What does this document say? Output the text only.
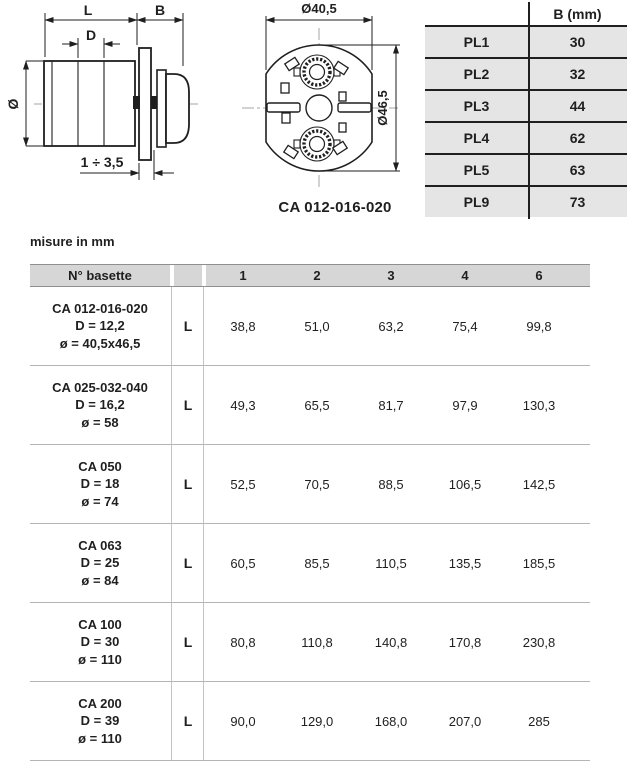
L	B
D
Ø
1 ÷ 3,5
Ø40,5
Ø46,5
CA 012-016-020
B (mm)
PL1	30
PL2	32
PL3	44
PL4	62
PL5	63
PL9	73
misure in mm
N° basette	1	2	3	4	6
CA 012-016-020
D = 12,2
ø = 40,5x46,5
L	38,8	51,0	63,2	75,4	99,8
CA 025-032-040
D = 16,2
ø = 58
L	49,3	65,5	81,7	97,9	130,3
CA 050
D = 18
ø = 74
L	52,5	70,5	88,5	106,5	142,5
CA 063
D = 25
ø = 84
L	60,5	85,5	110,5	135,5	185,5
CA 100
D = 30
ø = 110
L	80,8	110,8	140,8	170,8	230,8
CA 200
D = 39
ø = 110
L	90,0	129,0	168,0	207,0	285
